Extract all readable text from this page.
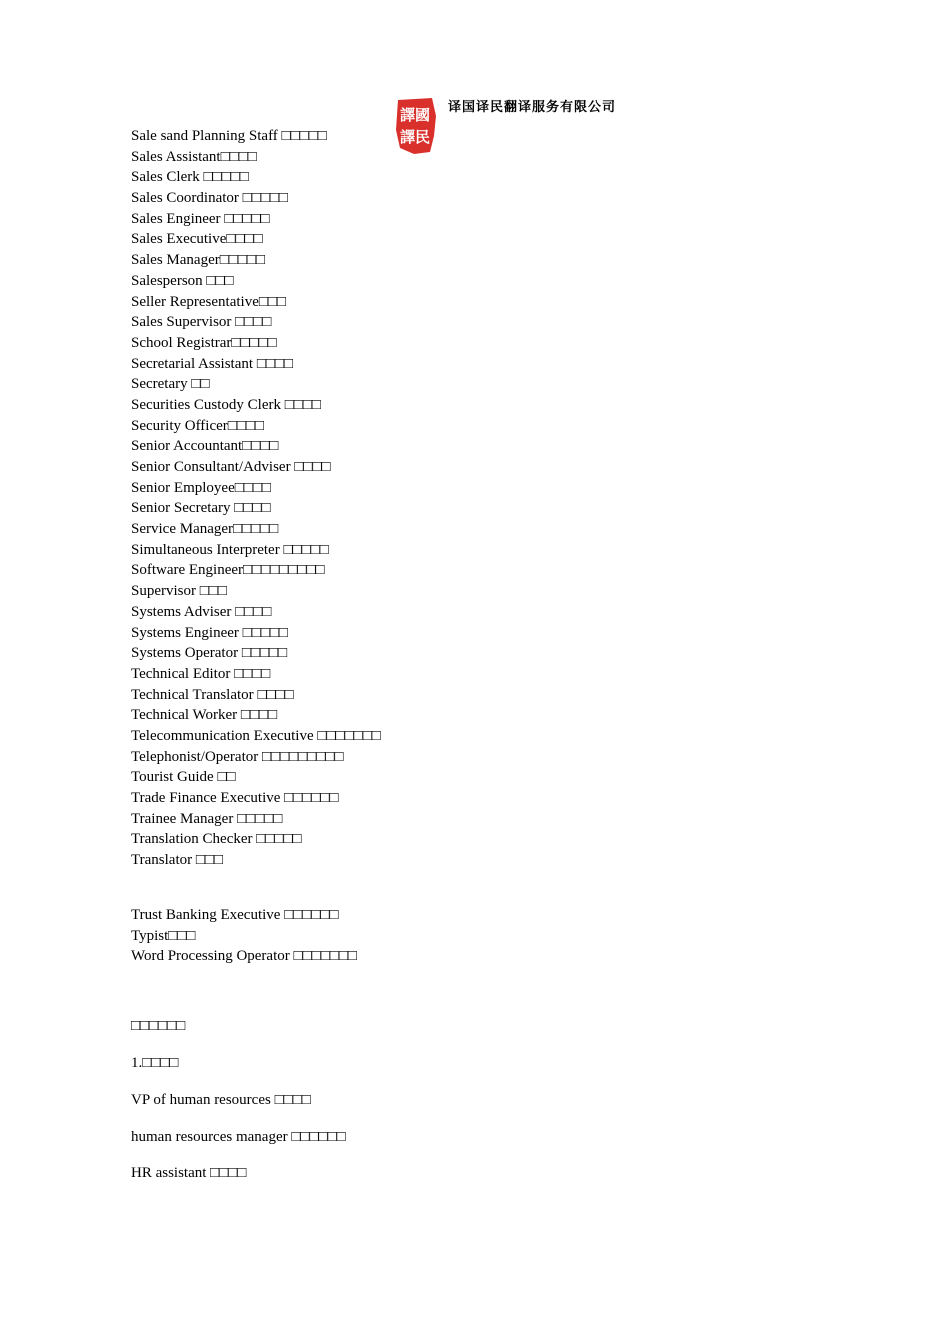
譯國
譯民
译国译民翻译服务有限公司
Sale sand Planning Staff □□□□□
Sales Assistant□□□□
Sales Clerk □□□□□
Sales Coordinator □□□□□
Sales Engineer □□□□□
Sales Executive□□□□
Sales Manager□□□□□
Salesperson □□□
Seller Representative□□□
Sales Supervisor □□□□
School Registrar□□□□□
Secretarial Assistant □□□□
Secretary □□
Securities Custody Clerk □□□□
Security Officer□□□□
Senior Accountant□□□□
Senior Consultant/Adviser □□□□
Senior Employee□□□□
Senior Secretary □□□□
Service Manager□□□□□
Simultaneous Interpreter □□□□□
Software Engineer□□□□□□□□□
Supervisor □□□
Systems Adviser □□□□
Systems Engineer □□□□□
Systems Operator □□□□□
Technical Editor □□□□
Technical Translator □□□□
Technical Worker □□□□
Telecommunication Executive □□□□□□□
Telephonist/Operator □□□□□□□□□
Tourist Guide □□
Trade Finance Executive □□□□□□
Trainee Manager □□□□□
Translation Checker □□□□□
Translator □□□
Trust Banking Executive □□□□□□
Typist□□□
Word Processing Operator □□□□□□□
□□□□□□
1.□□□□
VP of human resources □□□□
human resources manager □□□□□□
HR assistant □□□□
